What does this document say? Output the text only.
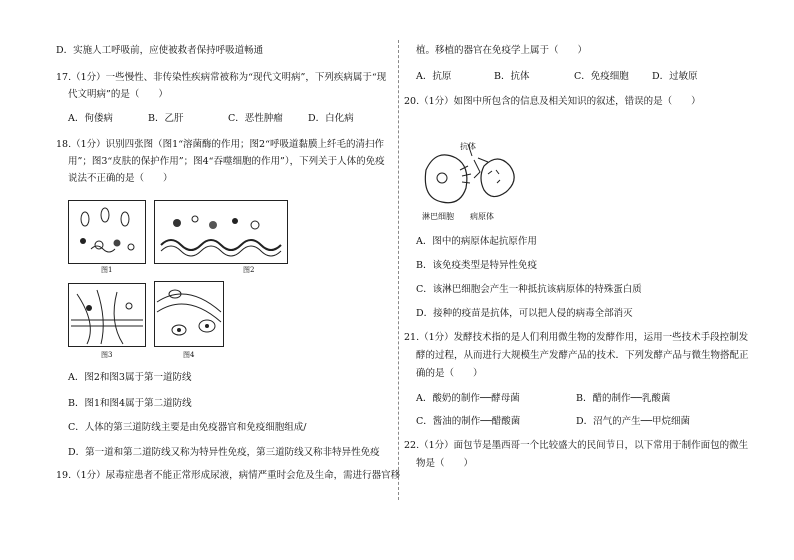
D．实施人工呼吸前，应使被救者保持呼吸道畅通
17.（1分）一些慢性、非传染性疾病常被称为“现代文明病”，下列疾病属于“现
代文明病”的是（　　）
A．佝偻病	B．乙肝	C．恶性肿瘤	D．白化病
18.（1分）识别四张图（图1“溶菌酶的作用；图2“呼吸道黏膜上纤毛的清扫作
用”；图3“皮肤的保护作用”；图4“吞噬细胞的作用”），下列关于人体的免疫
说法不正确的是（　　）
图1	图2
图3	图4
A．图2和图3属于第一道防线
B．图1和图4属于第二道防线
C．人体的第三道防线主要是由免疫器官和免疫细胞组成/
D．第一道和第二道防线又称为特异性免疫，第三道防线又称非特异性免疫
19.（1分）尿毒症患者不能正常形成尿液，病情严重时会危及生命，需进行器官移
植。移植的器官在免疫学上属于（　　）
A．抗原	B．抗体	C．免疫细胞 D．过敏原
20.（1分）如图中所包含的信息及相关知识的叙述，错误的是（　　）
抗体
淋巴细胞 病原体
A．图中的病原体起抗原作用
B．该免疫类型是特异性免疫
C．该淋巴细胞会产生一种抵抗该病原体的特殊蛋白质
D．接种的疫苗是抗体，可以把人侵的病毒全部消灭
21.（1分）发酵技术指的是人们利用微生物的发酵作用，运用一些技术手段控制发
酵的过程，从而进行大规模生产发酵产品的技术．下列发酵产品与微生物搭配正
确的是（　　）
A．酸奶的制作──酵母菌	B．醋的制作──乳酸菌
C．酱油的制作──醋酸菌	D．沼气的产生──甲烷细菌
22.（1分）面包节是墨西哥一个比较盛大的民间节日，以下常用于制作面包的微生
物是（　　）
